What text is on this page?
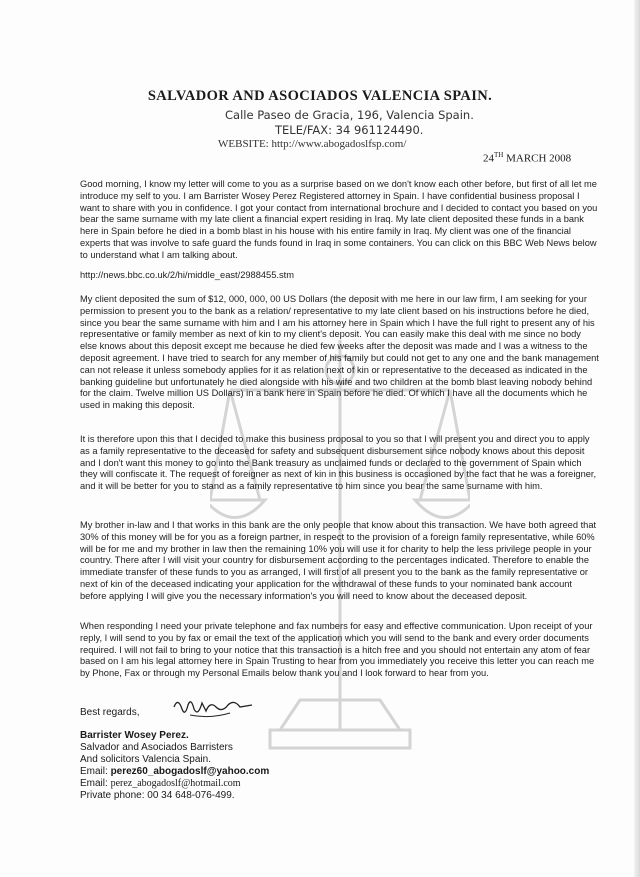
SALVADOR AND ASOCIADOS VALENCIA SPAIN.
Calle Paseo de Gracia, 196, Valencia Spain.
TELE/FAX: 34 961124490.
WEBSITE: http://www.abogadoslfsp.com/
24TH MARCH 2008

Good morning, I know my letter will come to you as a surprise based on we don't know each other before, but first of all let me introduce my self to you. I am Barrister Wosey Perez Registered attorney in Spain. I have confidential business proposal I want to share with you in confidence. I got your contact from international brochure and I decided to contact you based on you bear the same surname with my late client a financial expert residing in Iraq. My late client deposited these funds in a bank here in Spain before he died in a bomb blast in his house with his entire family in Iraq. My client was one of the financial experts that was involve to safe guard the funds found in Iraq in some containers. You can click on this BBC Web News below to understand what I am talking about.

http://news.bbc.co.uk/2/hi/middle_east/2988455.stm

My client deposited the sum of $12, 000, 000, 00 US Dollars (the deposit with me here in our law firm, I am seeking for your permission to present you to the bank as a relation/ representative to my late client based on his instructions before he died, since you bear the same surname with him and I am his attorney here in Spain which I have the full right to present any of his representative or family member as next of kin to my client's deposit. You can easily make this deal with me since no body else knows about this deposit except me because he died few weeks after the deposit was made and I was a witness to the deposit agreement. I have tried to search for any member of his family but could not get to any one and the bank management can not release it unless somebody applies for it as relation next of kin or representative to the deceased as indicated in the banking guideline but unfortunately he died alongside with his wife and two children at the bomb blast leaving nobody behind for the claim. Twelve million US Dollars) in a bank here in Spain before he died. Of which I have all the documents which he used in making this deposit.

It is therefore upon this that I decided to make this business proposal to you so that I will present you and direct you to apply as a family representative to the deceased for safety and subsequent disbursement since nobody knows about this deposit and I don't want this money to go into the Bank treasury as unclaimed funds or declared to the government of Spain which they will confiscate it. The request of foreigner as next of kin in this business is occasioned by the fact that he was a foreigner, and it will be better for you to stand as a family representative to him since you bear the same surname with him.

My brother in-law and I that works in this bank are the only people that know about this transaction. We have both agreed that 30% of this money will be for you as a foreign partner, in respect to the provision of a foreign family representative, while 60% will be for me and my brother in law then the remaining 10% you will use it for charity to help the less privilege people in your country. There after I will visit your country for disbursement according to the percentages indicated. Therefore to enable the immediate transfer of these funds to you as arranged, I will first of all present you to the bank as the family representative or next of kin of the deceased indicating your application for the withdrawal of these funds to your nominated bank account before applying I will give you the necessary information's you will need to know about the deceased deposit.

When responding I need your private telephone and fax numbers for easy and effective communication. Upon receipt of your reply, I will send to you by fax or email the text of the application which you will send to the bank and every order documents required. I will not fail to bring to your notice that this transaction is a hitch free and you should not entertain any atom of fear based on I am his legal attorney here in Spain Trusting to hear from you immediately you receive this letter you can reach me by Phone, Fax or through my Personal Emails below thank you and I look forward to hear from you.

Best regards,
Barrister Wosey Perez.
Salvador and Asociados Barristers
And solicitors Valencia Spain.
Email: perez60_abogadoslf@yahoo.com
Email: perez_abogadoslf@hotmail.com
Private phone: 00 34 648-076-499.
